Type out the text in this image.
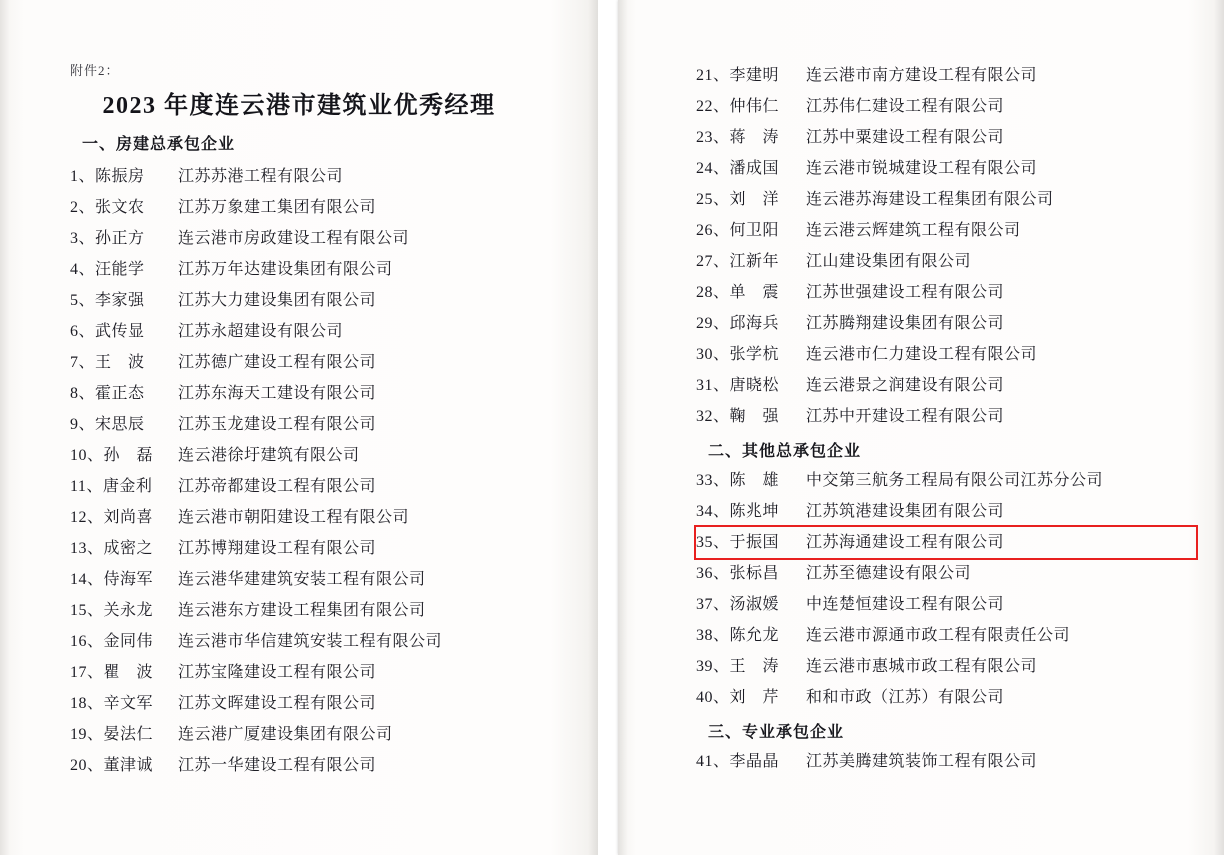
附件2：
2023 年度连云港市建筑业优秀经理
一、房建总承包企业
1、陈振房	江苏苏港工程有限公司
2、张文农	江苏万象建工集团有限公司
3、孙正方	连云港市房政建设工程有限公司
4、汪能学	江苏万年达建设集团有限公司
5、李家强	江苏大力建设集团有限公司
6、武传显	江苏永超建设有限公司
7、王　波	江苏德广建设工程有限公司
8、霍正态	江苏东海天工建设有限公司
9、宋思辰	江苏玉龙建设工程有限公司
10、孙　磊	连云港徐圩建筑有限公司
11、唐金利	江苏帝都建设工程有限公司
12、刘尚喜	连云港市朝阳建设工程有限公司
13、成密之	江苏博翔建设工程有限公司
14、侍海军	连云港华建建筑安装工程有限公司
15、关永龙	连云港东方建设工程集团有限公司
16、金同伟	连云港市华信建筑安装工程有限公司
17、瞿　波	江苏宝隆建设工程有限公司
18、辛文军	江苏文晖建设工程有限公司
19、晏法仁	连云港广厦建设集团有限公司
20、董津诚	江苏一华建设工程有限公司
21、李建明	连云港市南方建设工程有限公司
22、仲伟仁	江苏伟仁建设工程有限公司
23、蒋　涛	江苏中粟建设工程有限公司
24、潘成国	连云港市锐城建设工程有限公司
25、刘　洋	连云港苏海建设工程集团有限公司
26、何卫阳	连云港云辉建筑工程有限公司
27、江新年	江山建设集团有限公司
28、单　震	江苏世强建设工程有限公司
29、邱海兵	江苏腾翔建设集团有限公司
30、张学杭	连云港市仁力建设工程有限公司
31、唐晓松	连云港景之润建设有限公司
32、鞠　强	江苏中开建设工程有限公司
二、其他总承包企业
33、陈　雄	中交第三航务工程局有限公司江苏分公司
34、陈兆坤	江苏筑港建设集团有限公司
35、于振国	江苏海通建设工程有限公司
36、张标昌	江苏至德建设有限公司
37、汤淑媛	中连楚恒建设工程有限公司
38、陈允龙	连云港市源通市政工程有限责任公司
39、王　涛	连云港市惠城市政工程有限公司
40、刘　芹	和和市政（江苏）有限公司
三、专业承包企业
41、李晶晶	江苏美腾建筑装饰工程有限公司
